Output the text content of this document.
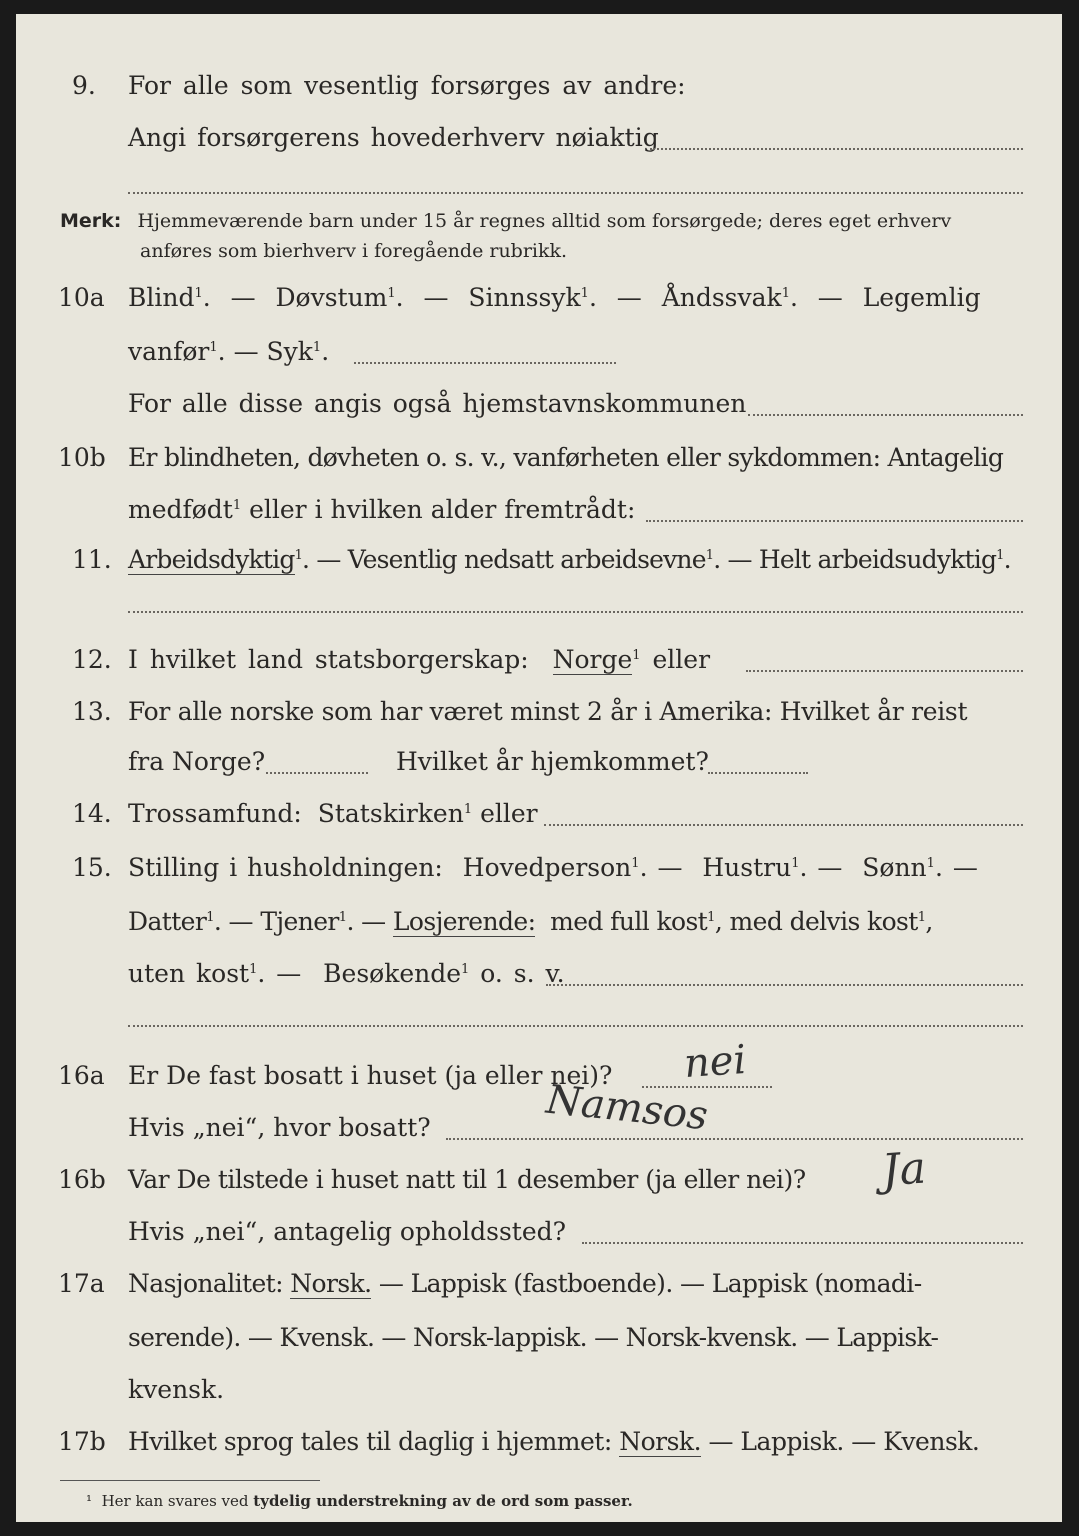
9. For alle som vesentlig forsørges av andre:
Angi forsørgerens hovederhverv nøiaktig
Merk: Hjemmeværende barn under 15 år regnes alltid som forsørgede; deres eget erhverv
anføres som bierhverv i foregående rubrikk.
10a Blind$^1$.  —  Døvstum$^1$.  —  Sinnssyk$^1$.  —  Åndssvak$^1$.  —  Legemlig
vanfør$^1$. — Syk$^1$.
For alle disse angis også hjemstavnskommunen
10b Er blindheten, døvheten o. s. v., vanførheten eller sykdommen: Antagelig
medfødt$^1$ eller i hvilken alder fremtrådt:
11. Arbeidsdyktig$^1$. — Vesentlig nedsatt arbeidsevne$^1$. — Helt arbeidsudyktig$^1$.
12. I hvilket land statsborgerskap: Norge$^1$ eller
13. For alle norske som har været minst 2 år i Amerika: Hvilket år reist
fra Norge?	Hvilket år hjemkommet?
14. Trossamfund: Statskirken$^1$ eller
15. Stilling i husholdningen: Hovedperson$^1$. —  Hustru$^1$. —  Sønn$^1$. —
Datter$^1$. — Tjener$^1$. — Losjerende: med full kost$^1$, med delvis kost$^1$,
uten kost$^1$. —  Besøkende$^1$ o. s. v.
16a Er De fast bosatt i huset (ja eller nei)? nei
Hvis „nei“, hvor bosatt?	Namsos
16b Var De tilstede i huset natt til 1 desember (ja eller nei)? Ja
Hvis „nei“, antagelig opholdssted?
17a Nasjonalitet: Norsk. — Lappisk (fastboende). — Lappisk (nomadi-
serende). — Kvensk. — Norsk-lappisk. — Norsk-kvensk. — Lappisk-
kvensk.
17b Hvilket sprog tales til daglig i hjemmet: Norsk. — Lappisk. — Kvensk.
¹ Her kan svares ved tydelig understrekning av de ord som passer.
